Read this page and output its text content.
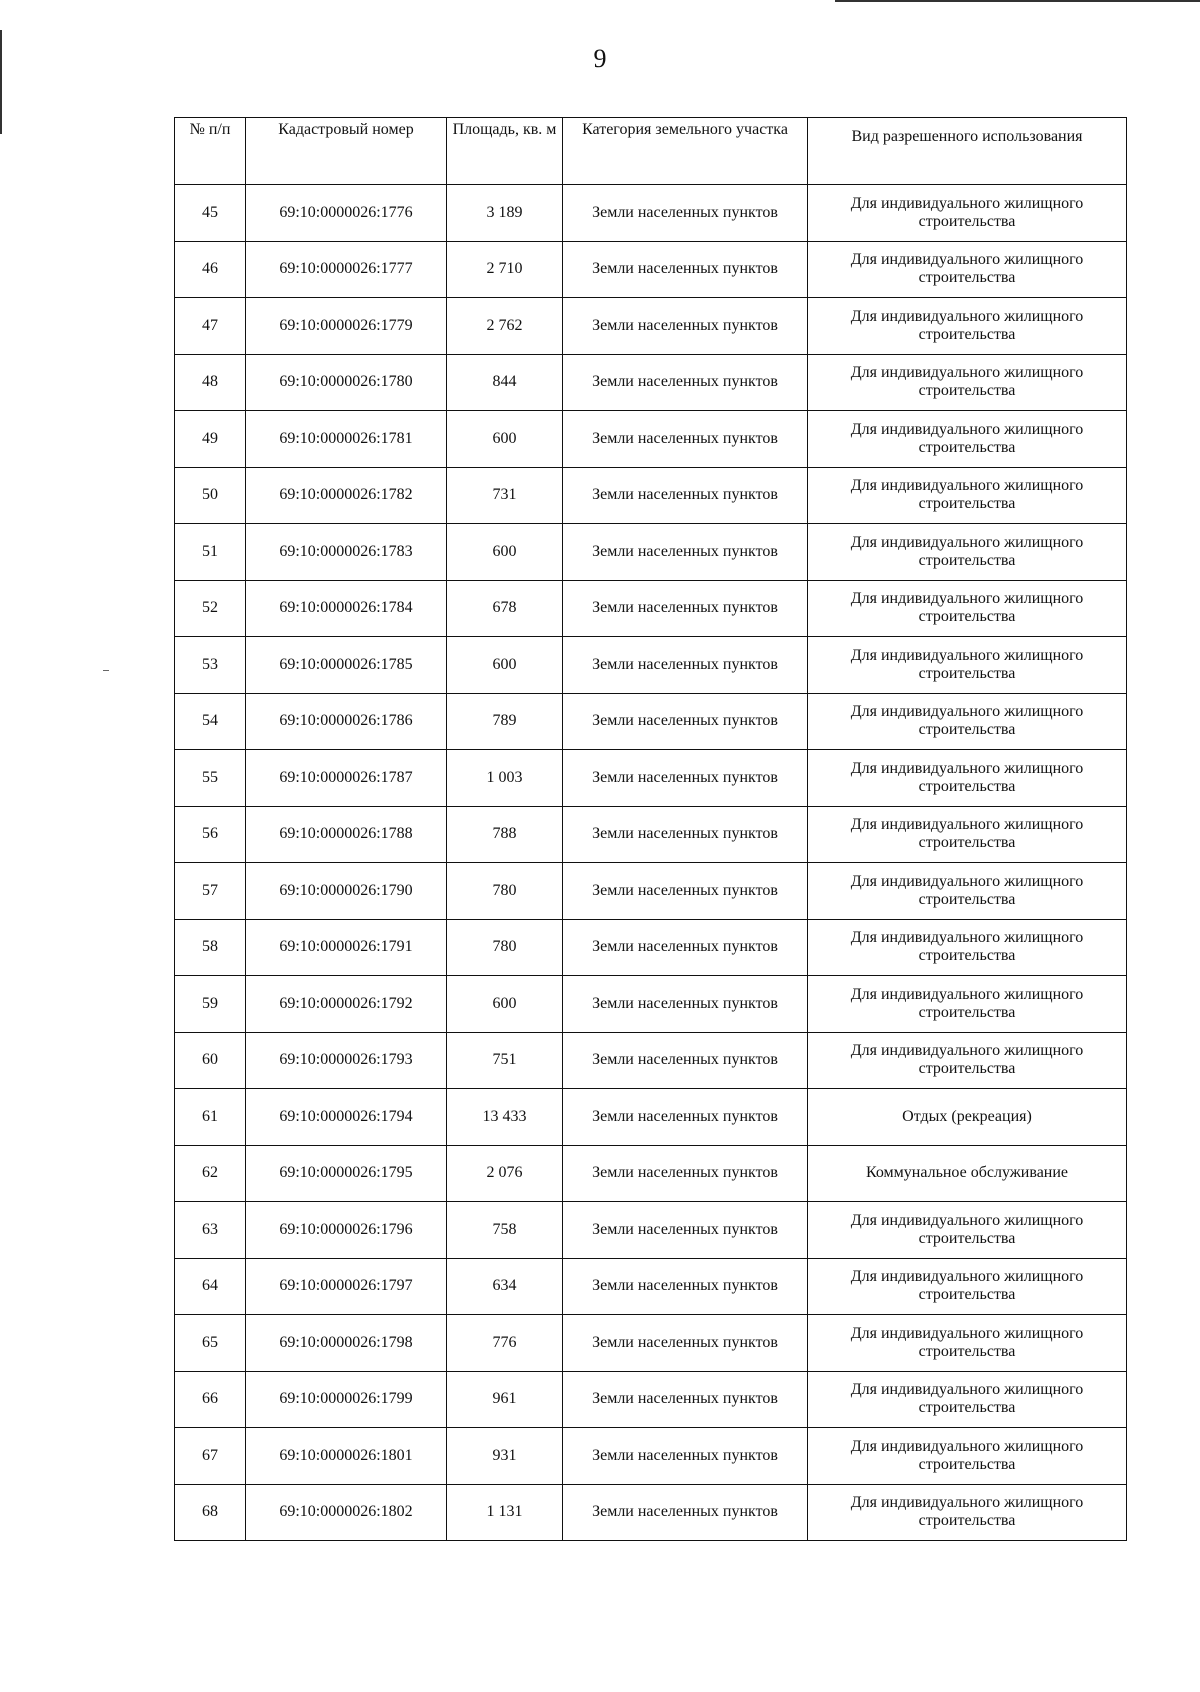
9
№ п/п	Кадастровый номер	Площадь, кв. м	Категория земельного участка	Вид разрешенного использования
45	69:10:0000026:1776	3 189	Земли населенных пунктов	Для индивидуального жилищного строительства
46	69:10:0000026:1777	2 710	Земли населенных пунктов	Для индивидуального жилищного строительства
47	69:10:0000026:1779	2 762	Земли населенных пунктов	Для индивидуального жилищного строительства
48	69:10:0000026:1780	844	Земли населенных пунктов	Для индивидуального жилищного строительства
49	69:10:0000026:1781	600	Земли населенных пунктов	Для индивидуального жилищного строительства
50	69:10:0000026:1782	731	Земли населенных пунктов	Для индивидуального жилищного строительства
51	69:10:0000026:1783	600	Земли населенных пунктов	Для индивидуального жилищного строительства
52	69:10:0000026:1784	678	Земли населенных пунктов	Для индивидуального жилищного строительства
53	69:10:0000026:1785	600	Земли населенных пунктов	Для индивидуального жилищного строительства
54	69:10:0000026:1786	789	Земли населенных пунктов	Для индивидуального жилищного строительства
55	69:10:0000026:1787	1 003	Земли населенных пунктов	Для индивидуального жилищного строительства
56	69:10:0000026:1788	788	Земли населенных пунктов	Для индивидуального жилищного строительства
57	69:10:0000026:1790	780	Земли населенных пунктов	Для индивидуального жилищного строительства
58	69:10:0000026:1791	780	Земли населенных пунктов	Для индивидуального жилищного строительства
59	69:10:0000026:1792	600	Земли населенных пунктов	Для индивидуального жилищного строительства
60	69:10:0000026:1793	751	Земли населенных пунктов	Для индивидуального жилищного строительства
61	69:10:0000026:1794	13 433	Земли населенных пунктов	Отдых (рекреация)
62	69:10:0000026:1795	2 076	Земли населенных пунктов	Коммунальное обслуживание
63	69:10:0000026:1796	758	Земли населенных пунктов	Для индивидуального жилищного строительства
64	69:10:0000026:1797	634	Земли населенных пунктов	Для индивидуального жилищного строительства
65	69:10:0000026:1798	776	Земли населенных пунктов	Для индивидуального жилищного строительства
66	69:10:0000026:1799	961	Земли населенных пунктов	Для индивидуального жилищного строительства
67	69:10:0000026:1801	931	Земли населенных пунктов	Для индивидуального жилищного строительства
68	69:10:0000026:1802	1 131	Земли населенных пунктов	Для индивидуального жилищного строительства
